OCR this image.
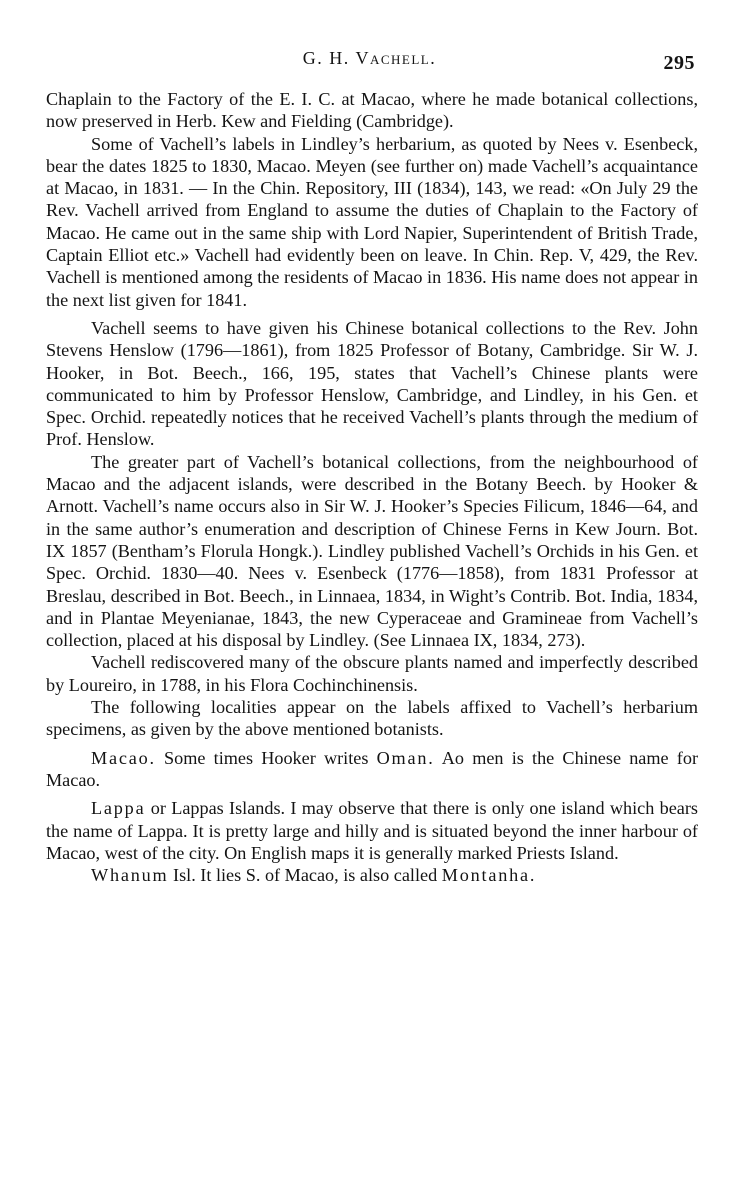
G. H. Vachell.	295

Chaplain to the Factory of the E. I. C. at Macao, where he made botanical collections, now preserved in Herb. Kew and Fielding (Cambridge).

Some of Vachell’s labels in Lindley’s herbarium, as quoted by Nees v. Esenbeck, bear the dates 1825 to 1830, Macao. Meyen (see further on) made Vachell’s acquaintance at Macao, in 1831. — In the Chin. Repository, III (1834), 143, we read: «On July 29 the Rev. Vachell arrived from England to assume the duties of Chaplain to the Factory of Macao. He came out in the same ship with Lord Napier, Superintendent of British Trade, Captain Elliot etc.» Vachell had evidently been on leave. In Chin. Rep. V, 429, the Rev. Vachell is mentioned among the residents of Macao in 1836. His name does not appear in the next list given for 1841.

Vachell seems to have given his Chinese botanical collections to the Rev. John Stevens Henslow (1796—1861), from 1825 Professor of Botany, Cambridge. Sir W. J. Hooker, in Bot. Beech., 166, 195, states that Vachell’s Chinese plants were communicated to him by Professor Henslow, Cambridge, and Lindley, in his Gen. et Spec. Orchid. repeatedly notices that he received Vachell’s plants through the medium of Prof. Henslow.

The greater part of Vachell’s botanical collections, from the neighbourhood of Macao and the adjacent islands, were described in the Botany Beech. by Hooker & Arnott. Vachell’s name occurs also in Sir W. J. Hooker’s Species Filicum, 1846—64, and in the same author’s enumeration and description of Chinese Ferns in Kew Journ. Bot. IX 1857 (Bentham’s Florula Hongk.). Lindley published Vachell’s Orchids in his Gen. et Spec. Orchid. 1830—40. Nees v. Esenbeck (1776—1858), from 1831 Professor at Breslau, described in Bot. Beech., in Linnaea, 1834, in Wight’s Contrib. Bot. India, 1834, and in Plantae Meyenianae, 1843, the new Cyperaceae and Gramineae from Vachell’s collection, placed at his disposal by Lindley. (See Linnaea IX, 1834, 273).

Vachell rediscovered many of the obscure plants named and imperfectly described by Loureiro, in 1788, in his Flora Cochinchinensis.

The following localities appear on the labels affixed to Vachell’s herbarium specimens, as given by the above mentioned botanists.

Macao. Some times Hooker writes Oman. Ao men is the Chinese name for Macao.

Lappa or Lappas Islands. I may observe that there is only one island which bears the name of Lappa. It is pretty large and hilly and is situated beyond the inner harbour of Macao, west of the city. On English maps it is generally marked Priests Island.

Whanum Isl. It lies S. of Macao, is also called Montanha.
